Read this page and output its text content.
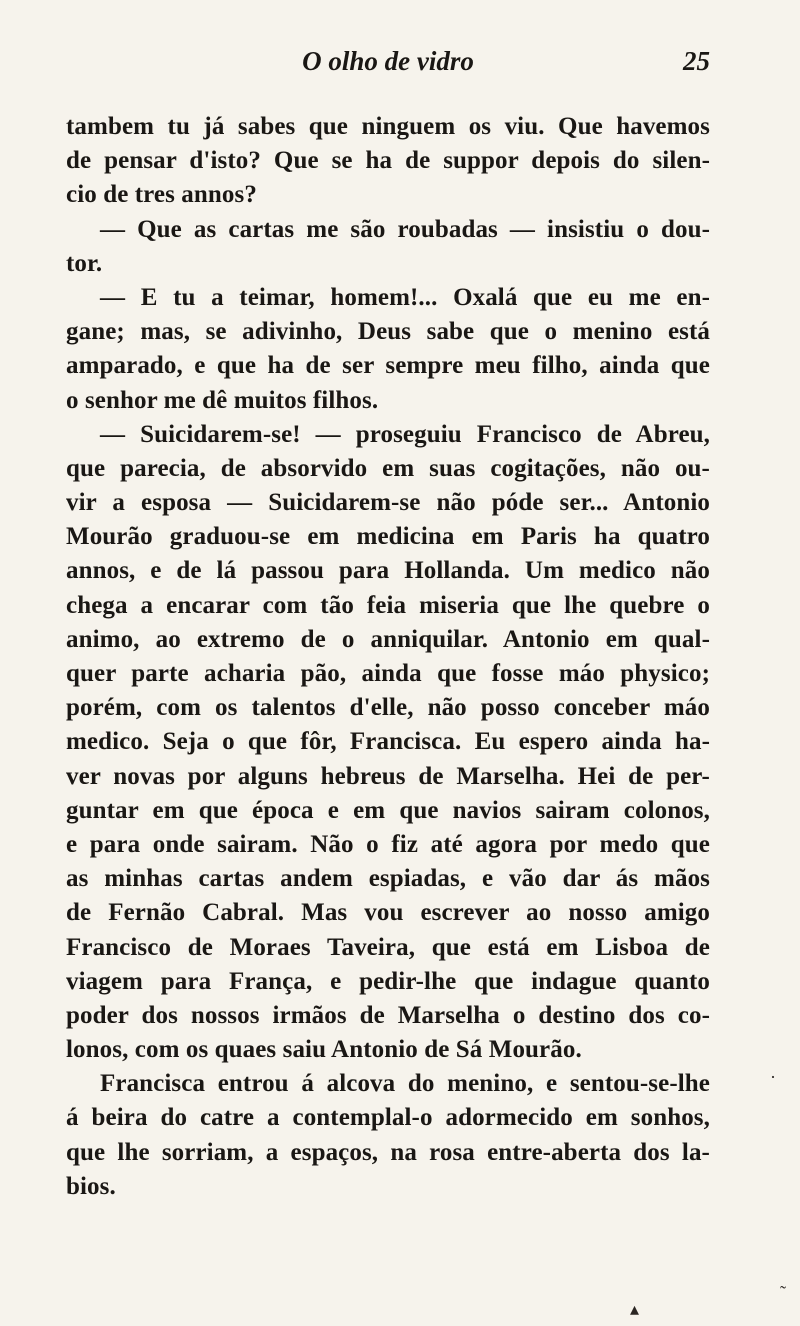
O olho de vidro	25
tambem tu já sabes que ninguem os viu. Que havemos
de pensar d'isto? Que se ha de suppor depois do silen-
cio de tres annos?
— Que as cartas me são roubadas — insistiu o dou-
tor.
— E tu a teimar, homem!... Oxalá que eu me en-
gane; mas, se adivinho, Deus sabe que o menino está
amparado, e que ha de ser sempre meu filho, ainda que
o senhor me dê muitos filhos.
— Suicidarem-se! — proseguiu Francisco de Abreu,
que parecia, de absorvido em suas cogitações, não ou-
vir a esposa — Suicidarem-se não póde ser... Antonio
Mourão graduou-se em medicina em Paris ha quatro
annos, e de lá passou para Hollanda. Um medico não
chega a encarar com tão feia miseria que lhe quebre o
animo, ao extremo de o anniquilar. Antonio em qual-
quer parte acharia pão, ainda que fosse máo physico;
porém, com os talentos d'elle, não posso conceber máo
medico. Seja o que fôr, Francisca. Eu espero ainda ha-
ver novas por alguns hebreus de Marselha. Hei de per-
guntar em que época e em que navios sairam colonos,
e para onde sairam. Não o fiz até agora por medo que
as minhas cartas andem espiadas, e vão dar ás mãos
de Fernão Cabral. Mas vou escrever ao nosso amigo
Francisco de Moraes Taveira, que está em Lisboa de
viagem para França, e pedir-lhe que indague quanto
poder dos nossos irmãos de Marselha o destino dos co-
lonos, com os quaes saiu Antonio de Sá Mourão.
Francisca entrou á alcova do menino, e sentou-se-lhe
á beira do catre a contemplal-o adormecido em sonhos,
que lhe sorriam, a espaços, na rosa entre-aberta dos la-
bios.
·
˷
▴
